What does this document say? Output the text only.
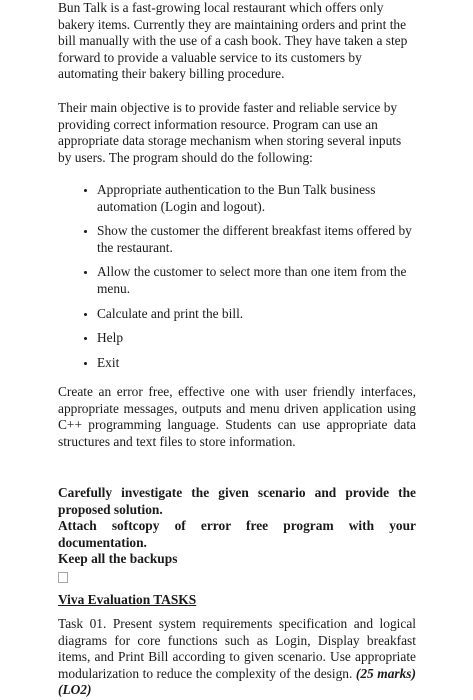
Bun Talk is a fast-growing local restaurant which offers only bakery items. Currently they are maintaining orders and print the bill manually with the use of a cash book. They have taken a step forward to provide a valuable service to its customers by automating their bakery billing procedure.

Their main objective is to provide faster and reliable service by providing correct information resource. Program can use an appropriate data storage mechanism when storing several inputs by users. The program should do the following:

Appropriate authentication to the Bun Talk business automation (Login and logout).
Show the customer the different breakfast items offered by the restaurant.
Allow the customer to select more than one item from the menu.
Calculate and print the bill.
Help
Exit

Create an error free, effective one with user friendly interfaces, appropriate messages, outputs and menu driven application using C++ programming language. Students can use appropriate data structures and text files to store information.

Carefully investigate the given scenario and provide the proposed solution.

Attach softcopy of error free program with your documentation.

Keep all the backups

Viva Evaluation TASKS

Task 01. Present system requirements specification and logical diagrams for core functions such as Login, Display breakfast items, and Print Bill according to given scenario. Use appropriate modularization to reduce the complexity of the design. (25 marks) (LO2)
